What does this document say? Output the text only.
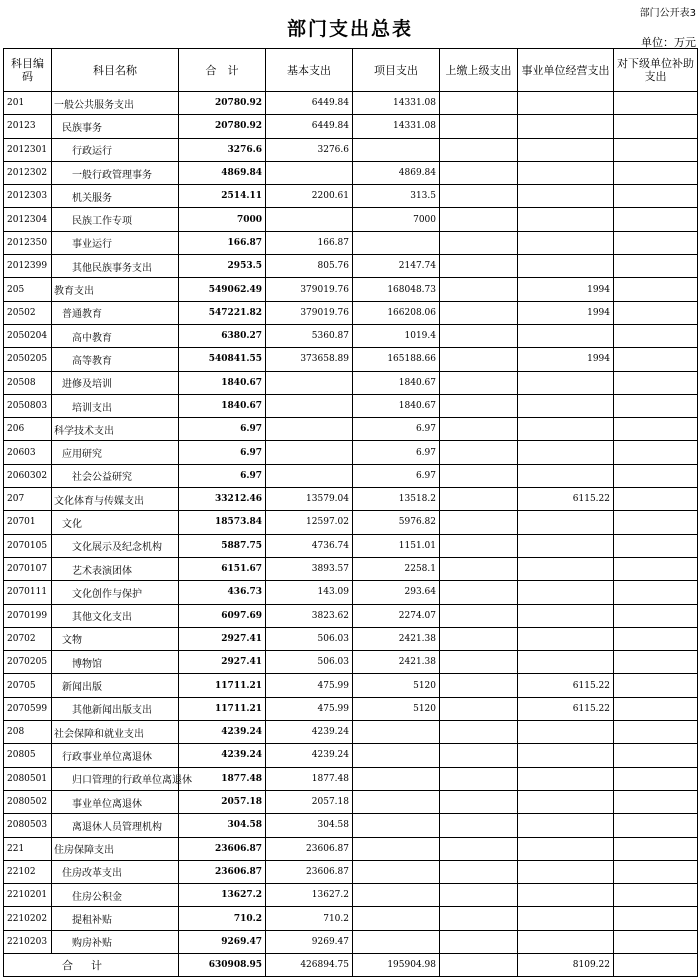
部门公开表3
部门支出总表
单位：万元
科目编码	科目名称	合　计	基本支出	项目支出	上缴上级支出	事业单位经营支出	对下级单位补助支出
201	一般公共服务支出	20780.92	6449.84	14331.08			
20123	民族事务	20780.92	6449.84	14331.08			
2012301	行政运行	3276.6	3276.6				
2012302	一般行政管理事务	4869.84		4869.84			
2012303	机关服务	2514.11	2200.61	313.5			
2012304	民族工作专项	7000		7000			
2012350	事业运行	166.87	166.87				
2012399	其他民族事务支出	2953.5	805.76	2147.74			
205	教育支出	549062.49	379019.76	168048.73		1994	
20502	普通教育	547221.82	379019.76	166208.06		1994	
2050204	高中教育	6380.27	5360.87	1019.4			
2050205	高等教育	540841.55	373658.89	165188.66		1994	
20508	进修及培训	1840.67		1840.67			
2050803	培训支出	1840.67		1840.67			
206	科学技术支出	6.97		6.97			
20603	应用研究	6.97		6.97			
2060302	社会公益研究	6.97		6.97			
207	文化体育与传媒支出	33212.46	13579.04	13518.2		6115.22	
20701	文化	18573.84	12597.02	5976.82			
2070105	文化展示及纪念机构	5887.75	4736.74	1151.01			
2070107	艺术表演团体	6151.67	3893.57	2258.1			
2070111	文化创作与保护	436.73	143.09	293.64			
2070199	其他文化支出	6097.69	3823.62	2274.07			
20702	文物	2927.41	506.03	2421.38			
2070205	博物馆	2927.41	506.03	2421.38			
20705	新闻出版	11711.21	475.99	5120		6115.22	
2070599	其他新闻出版支出	11711.21	475.99	5120		6115.22	
208	社会保障和就业支出	4239.24	4239.24				
20805	行政事业单位离退休	4239.24	4239.24				
2080501	归口管理的行政单位离退休	1877.48	1877.48				
2080502	事业单位离退休	2057.18	2057.18				
2080503	离退休人员管理机构	304.58	304.58				
221	住房保障支出	23606.87	23606.87				
22102	住房改革支出	23606.87	23606.87				
2210201	住房公积金	13627.2	13627.2				
2210202	提租补贴	710.2	710.2				
2210203	购房补贴	9269.47	9269.47				
合计		630908.95	426894.75	195904.98		8109.22	
